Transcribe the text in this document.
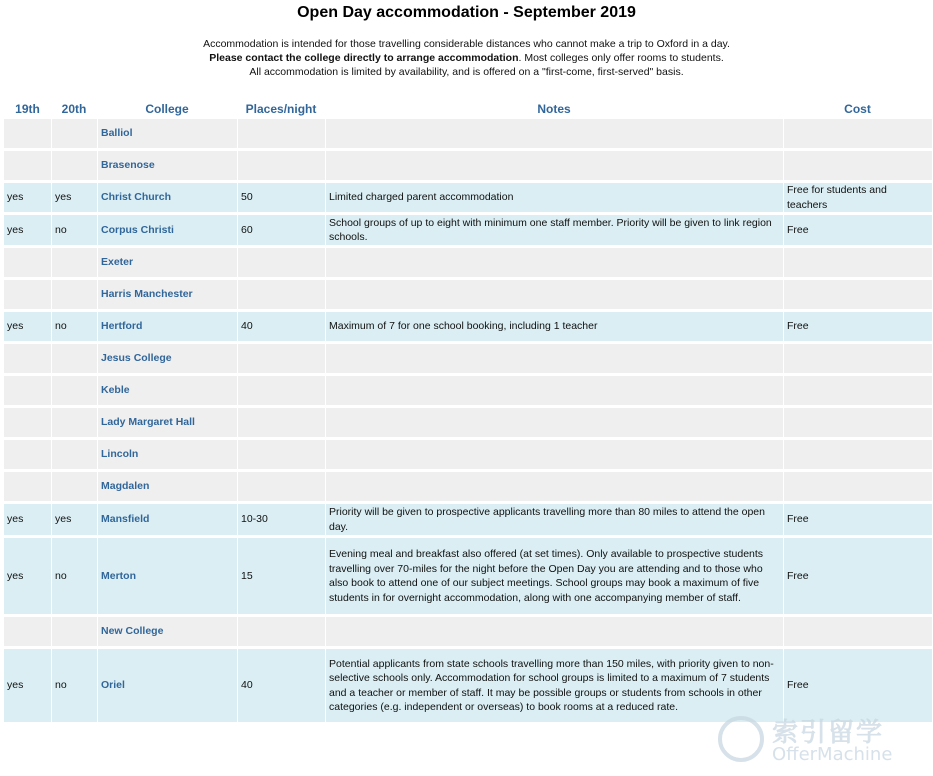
Open Day accommodation - September 2019
Accommodation is intended for those travelling considerable distances who cannot make a trip to Oxford in a day.
Please contact the college directly to arrange accommodation. Most colleges only offer rooms to students.
All accommodation is limited by availability, and is offered on a "first-come, first-served" basis.
19th	20th	College	Places/night	Notes	Cost
		Balliol			
		Brasenose			
yes	yes	Christ Church	50	Limited charged parent accommodation	Free for students and teachers
yes	no	Corpus Christi	60	School groups of up to eight with minimum one staff member. Priority will be given to link region schools.	Free
		Exeter			
		Harris Manchester			
yes	no	Hertford	40	Maximum of 7 for one school booking, including 1 teacher	Free
		Jesus College			
		Keble			
		Lady Margaret Hall			
		Lincoln			
		Magdalen			
yes	yes	Mansfield	10-30	Priority will be given to prospective applicants travelling more than 80 miles to attend the open day.	Free
yes	no	Merton	15	Evening meal and breakfast also offered (at set times). Only available to prospective students travelling over 70-miles for the night before the Open Day you are attending and to those who also book to attend one of our subject meetings. School groups may book a maximum of five students in for overnight accommodation, along with one accompanying member of staff.	Free
		New College			
yes	no	Oriel	40	Potential applicants from state schools travelling more than 150 miles, with priority given to non-selective schools only. Accommodation for school groups is limited to a maximum of 7 students and a teacher or member of staff. It may be possible groups or students from schools in other categories (e.g. independent or overseas) to book rooms at a reduced rate.	Free
索引留学
OfferMachine
